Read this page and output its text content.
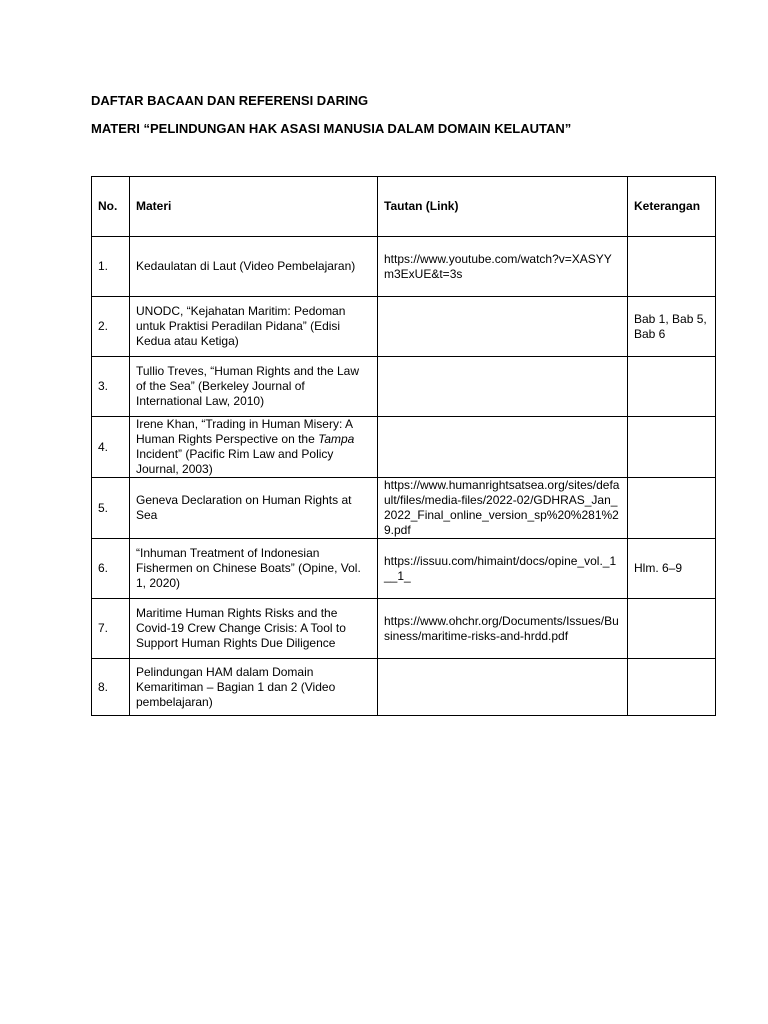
DAFTAR BACAAN DAN REFERENSI DARING
MATERI “PELINDUNGAN HAK ASASI MANUSIA DALAM DOMAIN KELAUTAN”
No.	Materi	Tautan (Link)	Keterangan
1.	Kedaulatan di Laut (Video Pembelajaran)	https://www.youtube.com/watch?v=XASYYm3ExUE&t=3s	
2.	UNODC, “Kejahatan Maritim: Pedoman untuk Praktisi Peradilan Pidana” (Edisi Kedua atau Ketiga)		Bab 1, Bab 5, Bab 6
3.	Tullio Treves, “Human Rights and the Law of the Sea” (Berkeley Journal of International Law, 2010)		
4.	Irene Khan, “Trading in Human Misery: A Human Rights Perspective on the Tampa Incident” (Pacific Rim Law and Policy Journal, 2003)		
5.	Geneva Declaration on Human Rights at Sea	https://www.humanrightsatsea.org/sites/default/files/media-files/2022-02/GDHRAS_Jan_2022_Final_online_version_sp%20%281%29.pdf	
6.	“Inhuman Treatment of Indonesian Fishermen on Chinese Boats” (Opine, Vol. 1, 2020)	https://issuu.com/himaint/docs/opine_vol._1__1_	Hlm. 6–9
7.	Maritime Human Rights Risks and the Covid-19 Crew Change Crisis: A Tool to Support Human Rights Due Diligence	https://www.ohchr.org/Documents/Issues/Business/maritime-risks-and-hrdd.pdf	
8.	Pelindungan HAM dalam Domain Kemaritiman – Bagian 1 dan 2 (Video pembelajaran)		
